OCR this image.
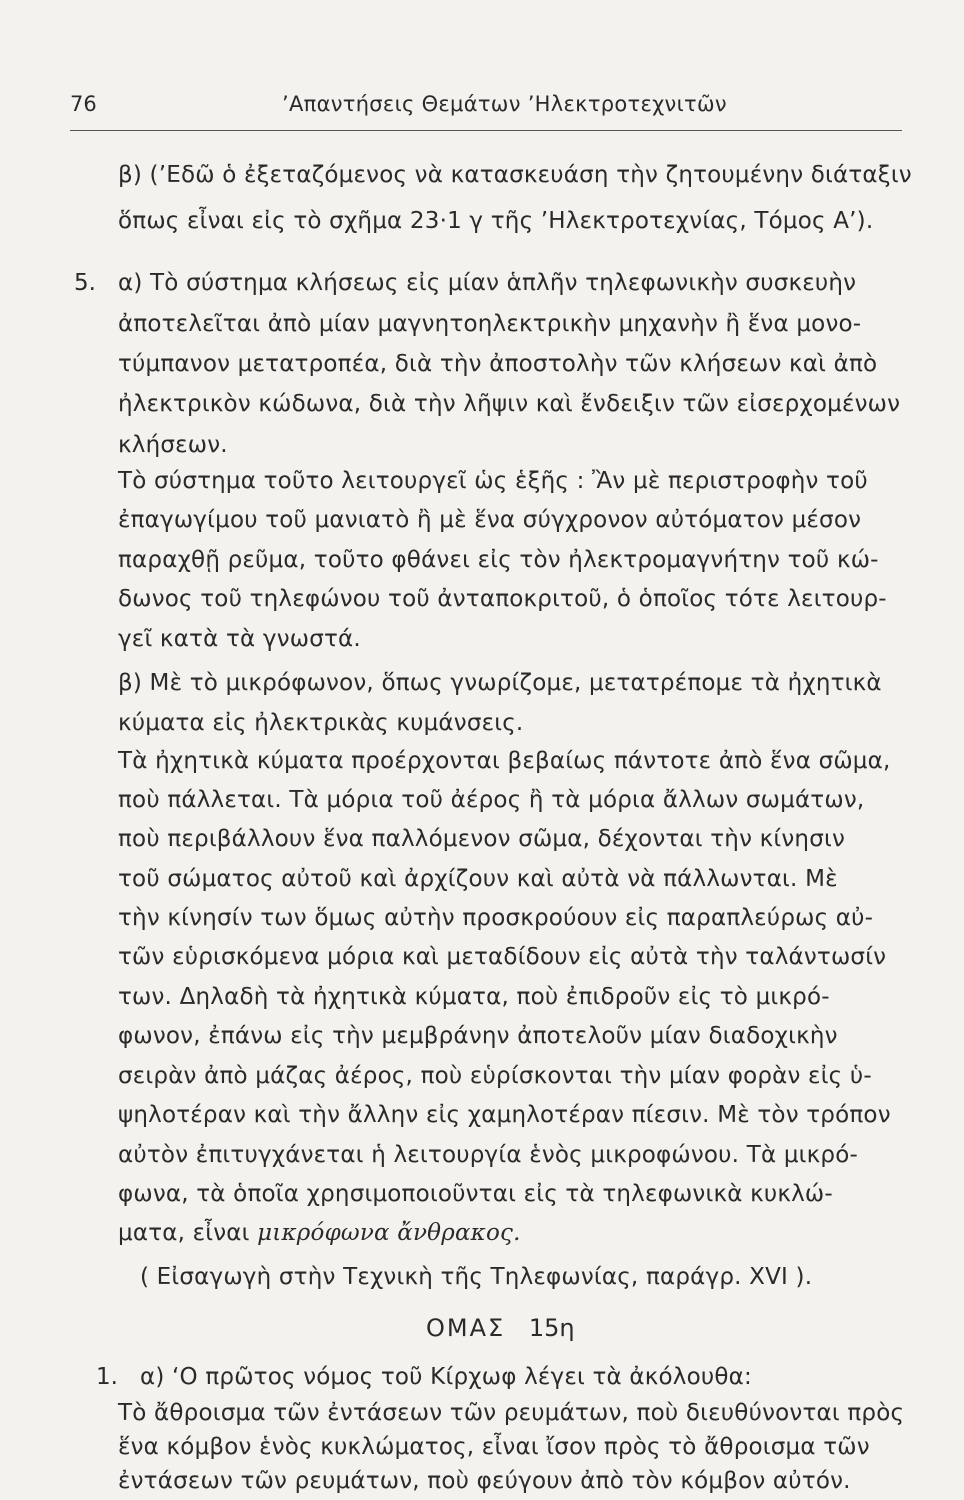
76	’Απαντήσεις Θεμάτων ’Ηλεκτροτεχνιτῶν
β) (’Εδῶ ὁ ἐξεταζόμενος νὰ κατασκευάση τὴν ζητουμένην διάταξιν
ὅπως εἶναι εἰς τὸ σχῆμα 23·1 γ τῆς ’Ηλεκτροτεχνίας, Τόμος Α’).
5. α) Τὸ σύστημα κλήσεως εἰς μίαν ἁπλῆν τηλεφωνικὴν συσκευὴν
ἀποτελεῖται ἀπὸ μίαν μαγνητοηλεκτρικὴν μηχανὴν ἢ ἕνα μονο-
τύμπανον μετατροπέα, διὰ τὴν ἀποστολὴν τῶν κλήσεων καὶ ἀπὸ
ἠλεκτρικὸν κώδωνα, διὰ τὴν λῆψιν καὶ ἔνδειξιν τῶν εἰσερχομένων
κλήσεων.
Τὸ σύστημα τοῦτο λειτουργεῖ ὡς ἑξῆς : Ἂν μὲ περιστροφὴν τοῦ
ἐπαγωγίμου τοῦ μανιατὸ ἢ μὲ ἕνα σύγχρονον αὐτόματον μέσον
παραχθῇ ρεῦμα, τοῦτο φθάνει εἰς τὸν ἠλεκτρομαγνήτην τοῦ κώ-
δωνος τοῦ τηλεφώνου τοῦ ἀνταποκριτοῦ, ὁ ὁποῖος τότε λειτουρ-
γεῖ κατὰ τὰ γνωστά.
β) Μὲ τὸ μικρόφωνον, ὅπως γνωρίζομε, μετατρέπομε τὰ ἠχητικὰ
κύματα εἰς ἠλεκτρικὰς κυμάνσεις.
Τὰ ἠχητικὰ κύματα προέρχονται βεβαίως πάντοτε ἀπὸ ἕνα σῶμα,
ποὺ πάλλεται. Τὰ μόρια τοῦ ἀέρος ἢ τὰ μόρια ἄλλων σωμάτων,
ποὺ περιβάλλουν ἕνα παλλόμενον σῶμα, δέχονται τὴν κίνησιν
τοῦ σώματος αὐτοῦ καὶ ἀρχίζουν καὶ αὐτὰ νὰ πάλλωνται. Μὲ
τὴν κίνησίν των ὅμως αὐτὴν προσκρούουν εἰς παραπλεύρως αὐ-
τῶν εὑρισκόμενα μόρια καὶ μεταδίδουν εἰς αὐτὰ τὴν ταλάντωσίν
των. Δηλαδὴ τὰ ἠχητικὰ κύματα, ποὺ ἐπιδροῦν εἰς τὸ μικρό-
φωνον, ἐπάνω εἰς τὴν μεμβράνην ἀποτελοῦν μίαν διαδοχικὴν
σειρὰν ἀπὸ μάζας ἀέρος, ποὺ εὑρίσκονται τὴν μίαν φορὰν εἰς ὑ-
ψηλοτέραν καὶ τὴν ἄλλην εἰς χαμηλοτέραν πίεσιν. Μὲ τὸν τρόπον
αὐτὸν ἐπιτυγχάνεται ἡ λειτουργία ἑνὸς μικροφώνου. Τὰ μικρό-
φωνα, τὰ ὁποῖα χρησιμοποιοῦνται εἰς τὰ τηλεφωνικὰ κυκλώ-
ματα, εἶναι μικρόφωνα ἄνθρακος.
( Εἰσαγωγὴ στὴν Τεχνικὴ τῆς Τηλεφωνίας, παράγρ. XVI ).
ΟΜΑΣ 15η
1. α) ‘Ο πρῶτος νόμος τοῦ Κίρχωφ λέγει τὰ ἀκόλουθα:
Τὸ ἄθροισμα τῶν ἐντάσεων τῶν ρευμάτων, ποὺ διευθύνονται πρὸς
ἕνα κόμβον ἑνὸς κυκλώματος, εἶναι ἴσον πρὸς τὸ ἄθροισμα τῶν
ἐντάσεων τῶν ρευμάτων, ποὺ φεύγουν ἀπὸ τὸν κόμβον αὐτόν.
